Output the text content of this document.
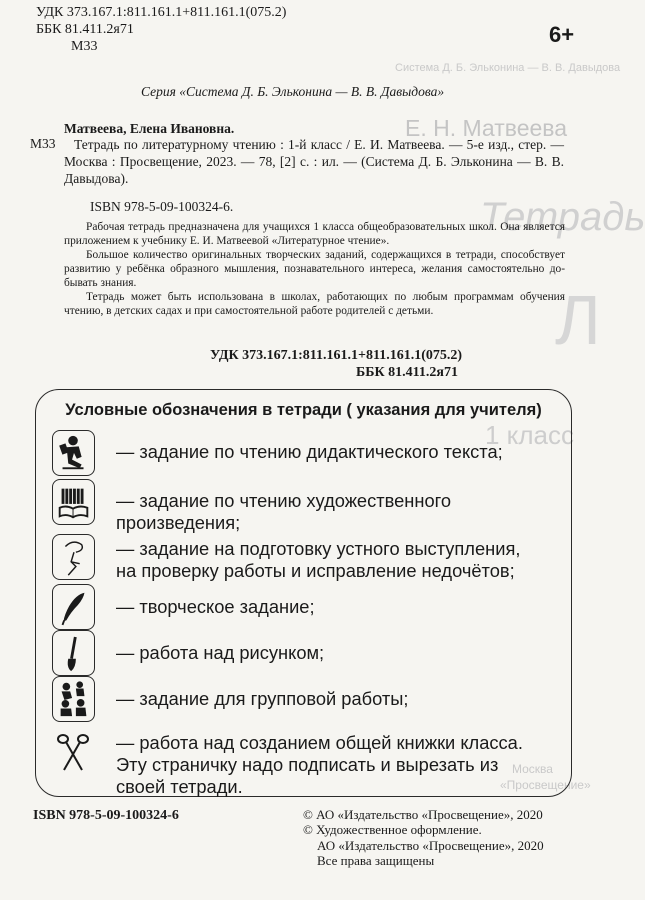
Система Д. Б. Эльконина — В. В. Давыдова
Е. Н. Матвеева
Тетрадь
Л
1 класс
Москва
«Просвещение»
УДК 373.167.1:811.161.1+811.161.1(075.2)
ББК 81.411.2я71
М33	6+
Серия «Система Д. Б. Эльконина — В. В. Давыдова»
Матвеева, Елена Ивановна.
М33	Тетрадь по литературному чтению : 1-й класс / Е. И. Матвеева. — 5-е изд., стер. — Москва : Просвещение, 2023. — 78, [2] с. : ил. — (Система Д. Б. Эльконина — В. В. Давыдова).

ISBN 978-5-09-100324-6.

Рабочая тетрадь предназначена для учащихся 1 класса общеобразовательных школ. Она является приложением к учебнику Е. И. Матвеевой «Литературное чтение».

Большое количество оригинальных творческих заданий, содержащихся в тетради, способствует развитию у ребёнка образного мышления, познавательного интереса, желания самостоятельно добывать знания.

Тетрадь может быть использована в школах, работающих по любым программам обучения чтению, в детских садах и при самостоятельной работе родителей с детьми.

УДК 373.167.1:811.161.1+811.161.1(075.2)
ББК 81.411.2я71
Условные обозначения в тетради ( указания для учителя)
— задание по чтению дидактического текста;
— задание по чтению художественного
произведения;
— задание на подготовку устного выступления,
на проверку работы и исправление недочётов;
— творческое задание;
— работа над рисунком;
— задание для групповой работы;
— работа над созданием общей книжки класса.
Эту страничку надо подписать и вырезать из
своей тетради.
ISBN 978-5-09-100324-6	© АО «Издательство «Просвещение», 2020
© Художественное оформление.
АО «Издательство «Просвещение», 2020
Все права защищены
